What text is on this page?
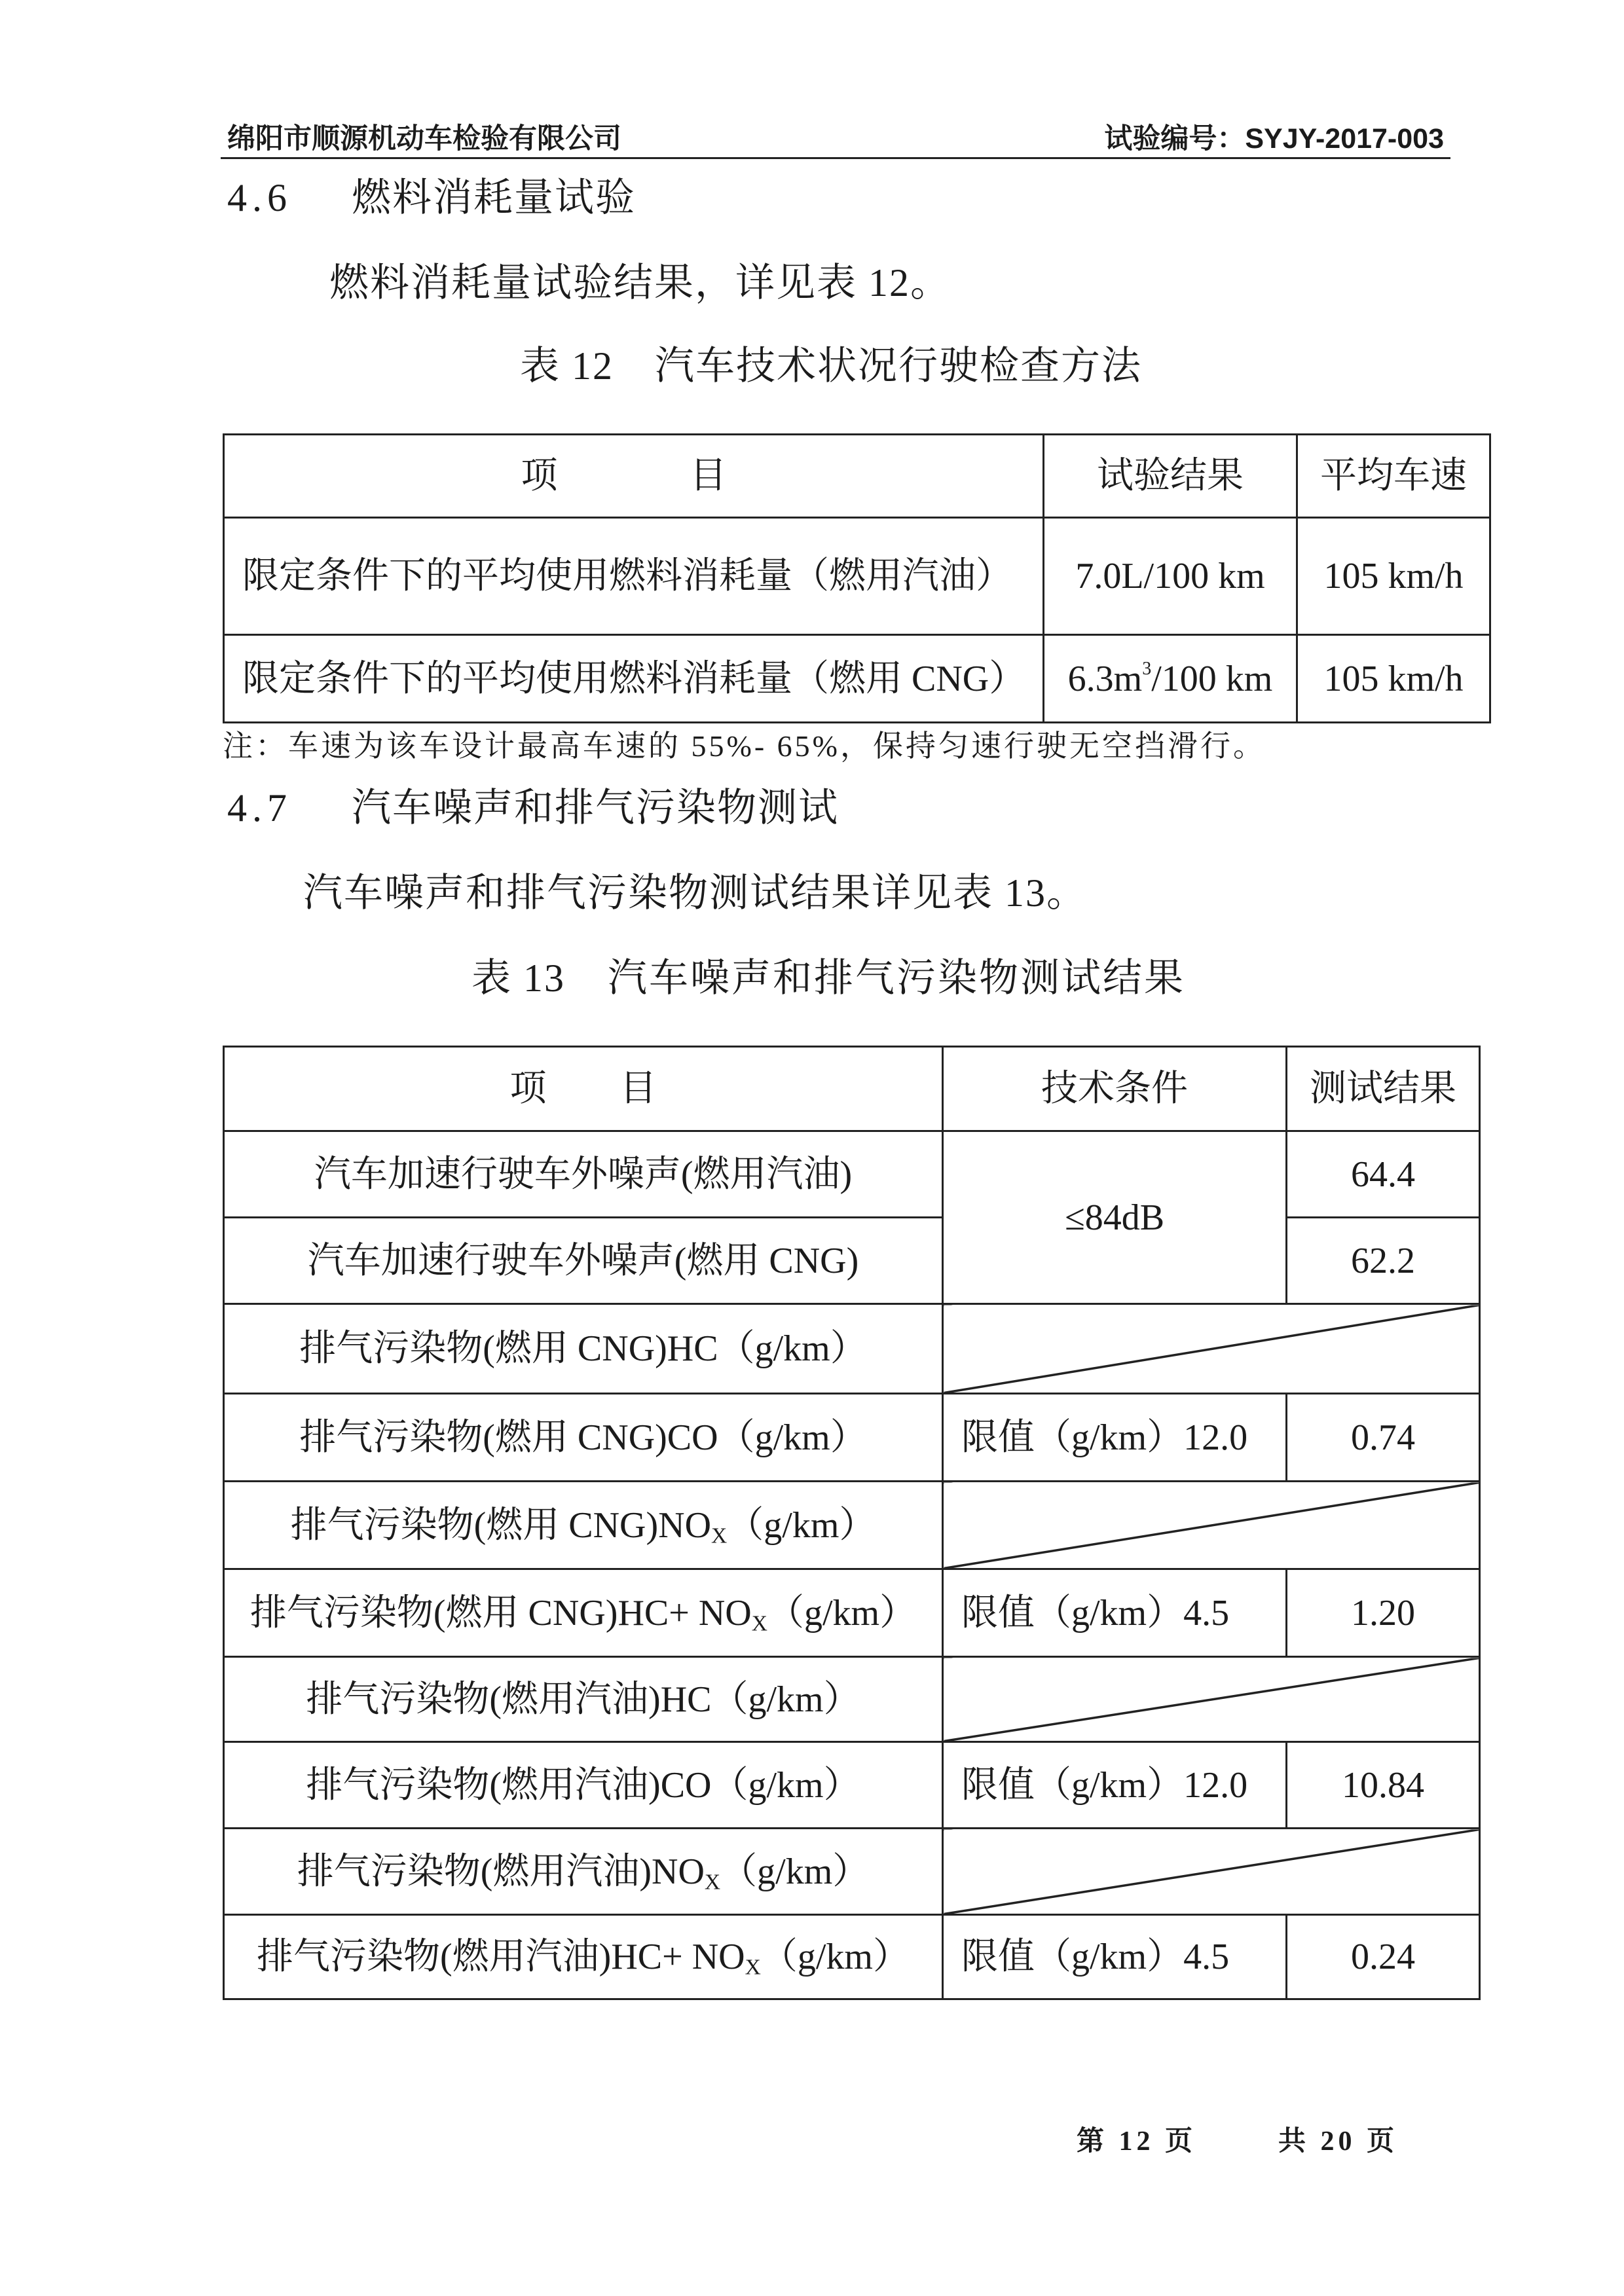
绵阳市顺源机动车检验有限公司	试验编号：SYJY-2017-003
4.6 燃料消耗量试验
燃料消耗量试验结果，详见表 12。
表 12 汽车技术状况行驶检查方法
项　　目	试验结果	平均车速
限定条件下的平均使用燃料消耗量（燃用汽油）	7.0L/100 km	105 km/h
限定条件下的平均使用燃料消耗量（燃用 CNG）	$6.3m^3/100$ km	105 km/h
注：车速为该车设计最高车速的 55%- 65%，保持匀速行驶无空挡滑行。
4.7 汽车噪声和排气污染物测试
汽车噪声和排气污染物测试结果详见表 13。
表 13 汽车噪声和排气污染物测试结果
项　　目	技术条件	测试结果
汽车加速行驶车外噪声(燃用汽油)	≤84dB	64.4
汽车加速行驶车外噪声(燃用 CNG)		62.2
排气污染物(燃用 CNG)HC（g/km）		
排气污染物(燃用 CNG)CO（g/km）	限值（g/km）12.0	0.74
排气污染物(燃用 $CNG)NO_X(g/km)$		
排气污染物(燃用 $CNG)HC+ NO_X(g/km)$	限值（g/km）4.5	1.20
排气污染物(燃用汽油)HC（g/km）		
排气污染物(燃用汽油)CO（g/km）	限值（g/km）12.0	10.84
排气污染物(燃用汽油)$NO_X(g/km)$		
排气污染物(燃用汽油)$HC+ NO_X(g/km)$	限值（g/km）4.5	0.24
第 12 页	共 20 页
